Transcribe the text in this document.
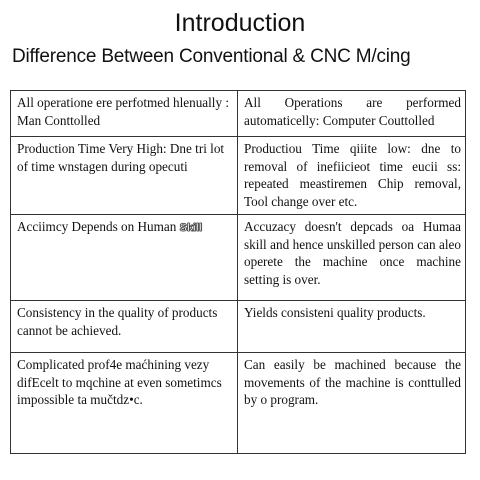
Introduction
Difference Between Conventional & CNC M/cing
All operatione ere perfotmed hlenually : Man Conttolled	All Operations are performed automaticelly: Computer Couttolled
Production Time Very High: Dne tri lot of time wnstagen during opecuti	Productiou Time qiiite low: dne to removal of inefiicieot time eucii ss: repeated meastiremen Chip removal, Tool change over etc.
Acciimcy Depends on Human Skill	Accuzacy doesn't depcads oa Humaa skill and hence unskilled person can aleo operete the machine once machine setting is over.
Consistency in the quality of products cannot be achieved.	Yields consisteni quality products.
Complicated prof4e maćhining vezy difEcelt to mqchine at even sometimcs impossible ta mučtdz•c.	Can easily be machined because the movements of the machine is conttulled by o program.
